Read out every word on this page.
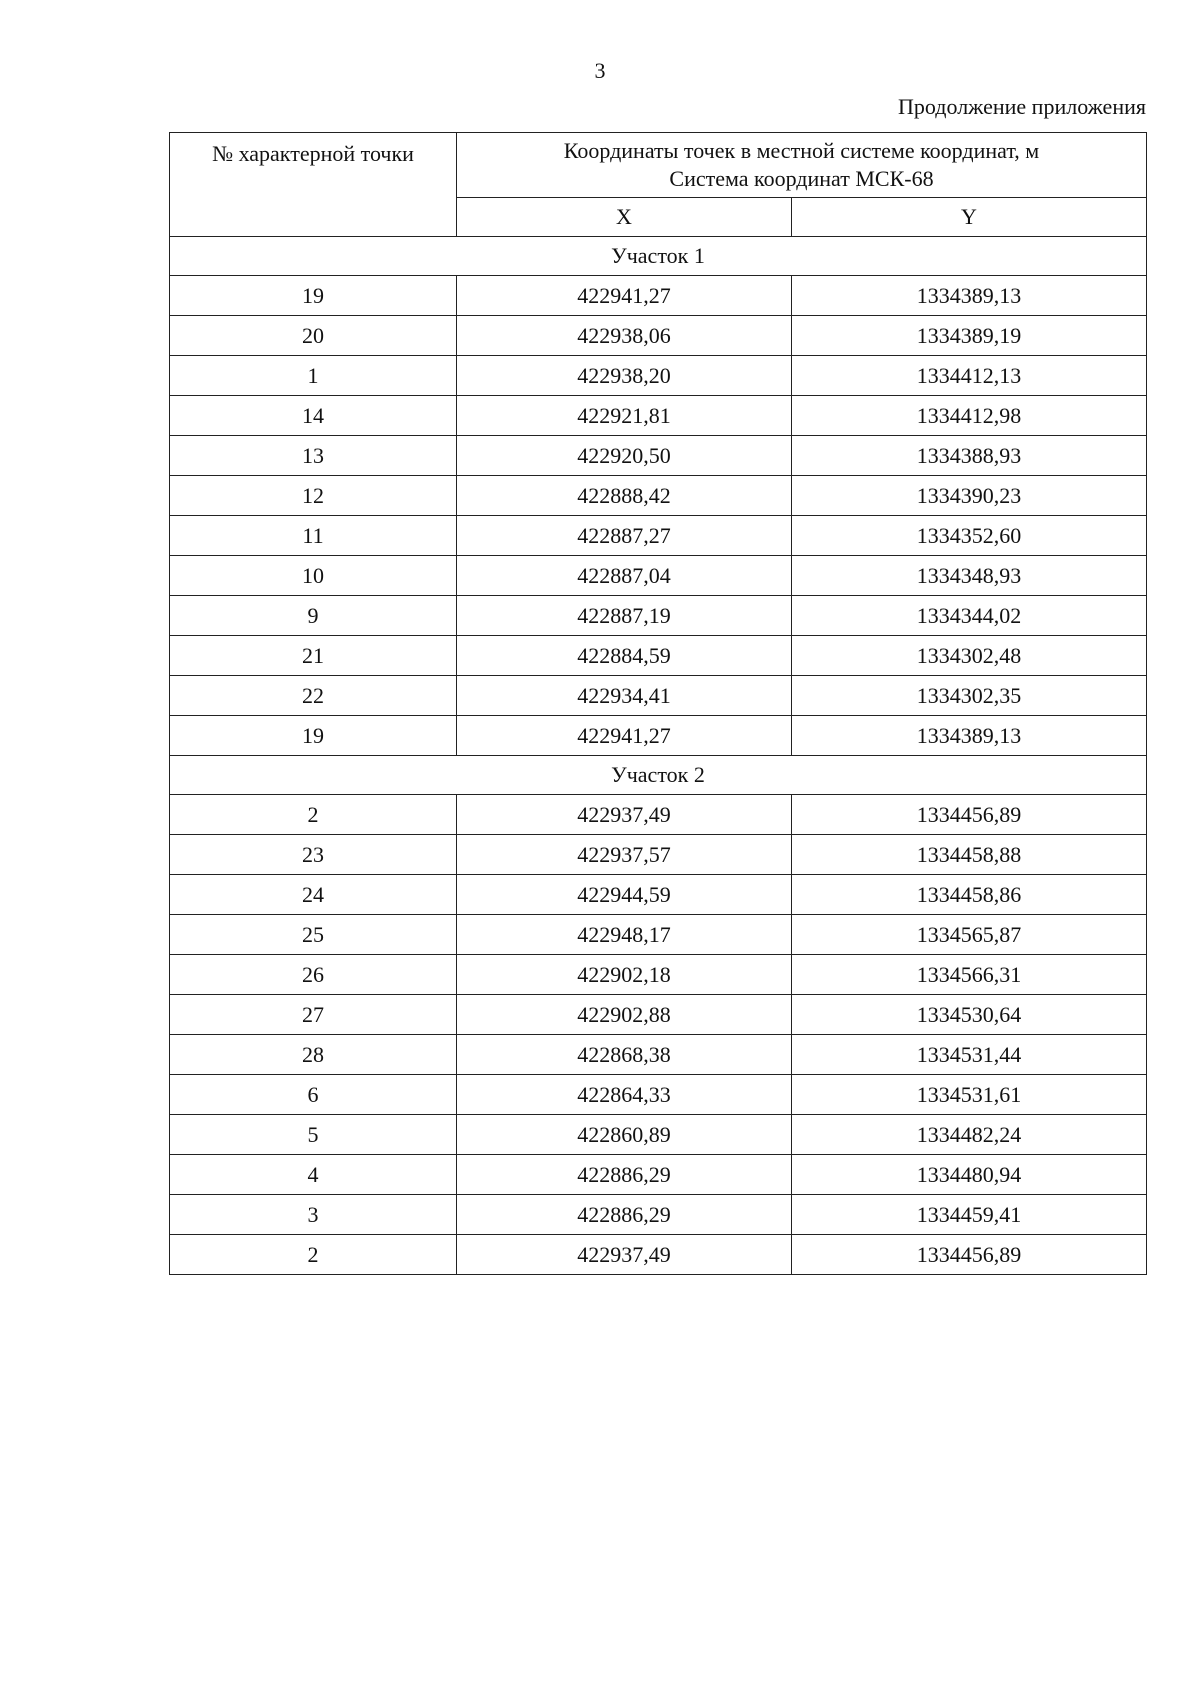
3
Продолжение приложения
№ характерной точки	Координаты точек в местной системе координат, м
Система координат МСК-68	

	X	Y
Участок 1		
19	422941,27	1334389,13
20	422938,06	1334389,19
1	422938,20	1334412,13
14	422921,81	1334412,98
13	422920,50	1334388,93
12	422888,42	1334390,23
11	422887,27	1334352,60
10	422887,04	1334348,93
9	422887,19	1334344,02
21	422884,59	1334302,48
22	422934,41	1334302,35
19	422941,27	1334389,13
Участок 2		
2	422937,49	1334456,89
23	422937,57	1334458,88
24	422944,59	1334458,86
25	422948,17	1334565,87
26	422902,18	1334566,31
27	422902,88	1334530,64
28	422868,38	1334531,44
6	422864,33	1334531,61
5	422860,89	1334482,24
4	422886,29	1334480,94
3	422886,29	1334459,41
2	422937,49	1334456,89
